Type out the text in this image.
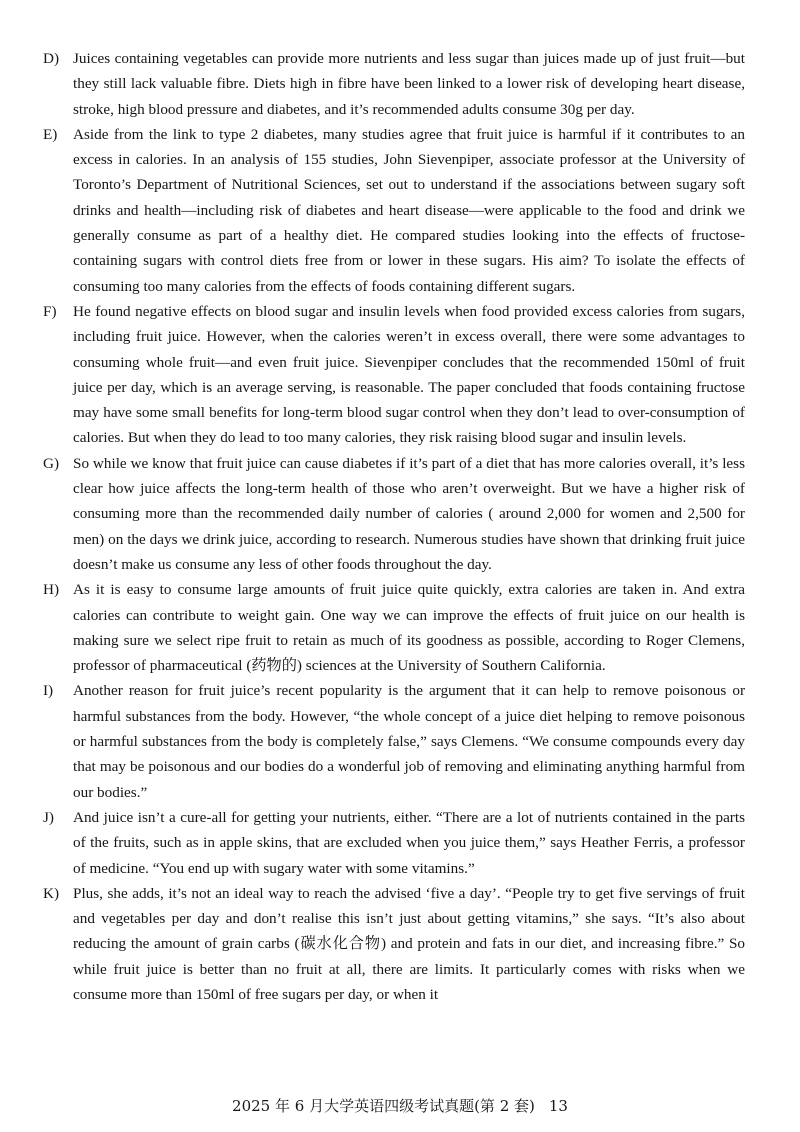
D) Juices containing vegetables can provide more nutrients and less sugar than juices made up of just fruit—but they still lack valuable fibre. Diets high in fibre have been linked to a lower risk of developing heart disease, stroke, high blood pressure and diabetes, and it’s recommended adults consume 30g per day.

E) Aside from the link to type 2 diabetes, many studies agree that fruit juice is harmful if it contributes to an excess in calories. In an analysis of 155 studies, John Sievenpiper, associate professor at the University of Toronto’s Department of Nutritional Sciences, set out to understand if the associations between sugary soft drinks and health—including risk of diabetes and heart disease—were applicable to the food and drink we generally consume as part of a healthy diet. He compared studies looking into the effects of fructose-containing sugars with control diets free from or lower in these sugars. His aim? To isolate the effects of consuming too many calories from the effects of foods containing different sugars.

F) He found negative effects on blood sugar and insulin levels when food provided excess calories from sugars, including fruit juice. However, when the calories weren’t in excess overall, there were some advantages to consuming whole fruit—and even fruit juice. Sievenpiper concludes that the recommended 150ml of fruit juice per day, which is an average serving, is reasonable. The paper concluded that foods containing fructose may have some small benefits for long-term blood sugar control when they don’t lead to over-consumption of calories. But when they do lead to too many calories, they risk raising blood sugar and insulin levels.

G) So while we know that fruit juice can cause diabetes if it’s part of a diet that has more calories overall, it’s less clear how juice affects the long-term health of those who aren’t overweight. But we have a higher risk of consuming more than the recommended daily number of calories ( around 2,000 for women and 2,500 for men) on the days we drink juice, according to research. Numerous studies have shown that drinking fruit juice doesn’t make us consume any less of other foods throughout the day.

H) As it is easy to consume large amounts of fruit juice quite quickly, extra calories are taken in. And extra calories can contribute to weight gain. One way we can improve the effects of fruit juice on our health is making sure we select ripe fruit to retain as much of its goodness as possible, according to Roger Clemens, professor of pharmaceutical (药物的) sciences at the University of Southern California.

I) Another reason for fruit juice’s recent popularity is the argument that it can help to remove poisonous or harmful substances from the body. However, “the whole concept of a juice diet helping to remove poisonous or harmful substances from the body is completely false,” says Clemens. “We consume compounds every day that may be poisonous and our bodies do a wonderful job of removing and eliminating anything harmful from our bodies.”

J) And juice isn’t a cure-all for getting your nutrients, either. “There are a lot of nutrients contained in the parts of the fruits, such as in apple skins, that are excluded when you juice them,” says Heather Ferris, a professor of medicine. “You end up with sugary water with some vitamins.”

K) Plus, she adds, it’s not an ideal way to reach the advised ‘five a day’. “People try to get five servings of fruit and vegetables per day and don’t realise this isn’t just about getting vitamins,” she says. “It’s also about reducing the amount of grain carbs (碳水化合物) and protein and fats in our diet, and increasing fibre.” So while fruit juice is better than no fruit at all, there are limits. It particularly comes with risks when we consume more than 150ml of free sugars per day, or when it

2025 年 6 月大学英语四级考试真题(第 2 套) 13
